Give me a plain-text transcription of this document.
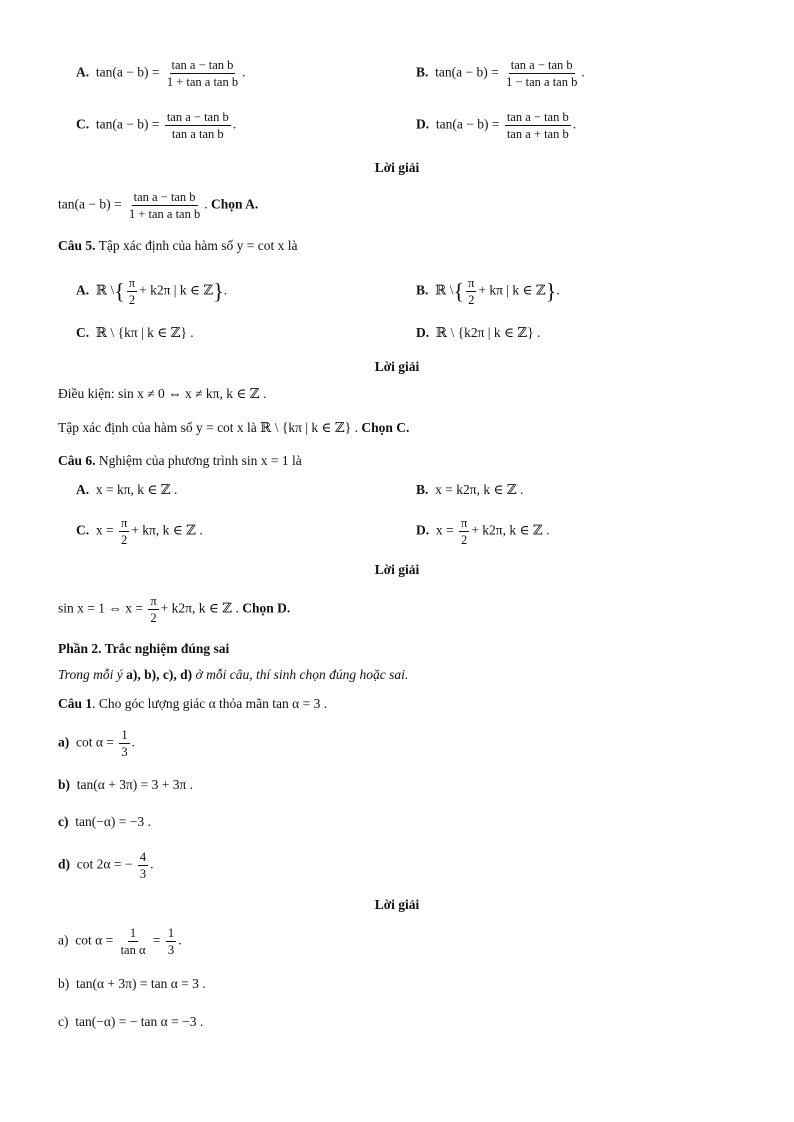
A. $\tan(a - b) = \frac{\text{tan a − tan b}}{\text{1 + tan a tan b}}$ .	B. $\tan(a - b) = \frac{\text{tan a − tan b}}{\text{1 − tan a tan b}}$ .
C. $\tan(a - b) = \frac{\text{tan a − tan b}}{\text{tan a tan b}}$ .	D. $\tan(a - b) = \frac{\text{tan a − tan b}}{\text{tan a + tan b}}$ .
Lời giải
$\tan(a - b) = \frac{\text{tan a − tan b}}{\text{1 + tan a tan b}}$ . Chọn A.
Câu 5. Tập xác định của hàm số y = cot x là
A. ℝ \{ $\frac{\pi}{2} + k2\pi$ | k ∈ ℤ}.	B. ℝ \{ $\frac{\pi}{2} + k\pi$ | k ∈ ℤ}.
C. ℝ \ {kπ | k ∈ ℤ} .	D. ℝ \ {k2π | k ∈ ℤ} .
Lời giải
Điều kiện: sin x ≠ 0 ⇔ x ≠ kπ, k ∈ ℤ .
Tập xác định của hàm số y = cot x là ℝ \ {kπ | k ∈ ℤ} . Chọn C.
Câu 6. Nghiệm của phương trình sin x = 1 là
A. x = kπ, k ∈ ℤ .	B. x = k2π, k ∈ ℤ .
C. $x = \frac{\pi}{2} + k\pi$, k ∈ ℤ .	D. $x = \frac{\pi}{2} + k2\pi$, k ∈ ℤ .
Lời giải
sin x = 1 ⇔ $x = \frac{\pi}{2} + k2\pi$, k ∈ ℤ . Chọn D.
Phần 2. Trắc nghiệm đúng sai
Trong mỗi ý a), b), c), d) ở mỗi câu, thí sinh chọn đúng hoặc sai.
Câu 1. Cho góc lượng giác α thỏa mãn tan α = 3 .
a) $\cot \alpha = \frac{1}{3}$ .
b) tan(α + 3π) = 3 + 3π .
c) tan(−α) = −3 .
d) cot 2α = − $\frac{4}{3}$ .
Lời giải
a) $\cot \alpha = \frac{1}{\text{tan α}} = \frac{1}{3}$ .
b) tan(α + 3π) = tan α = 3 .
c) tan(−α) = − tan α = −3 .
